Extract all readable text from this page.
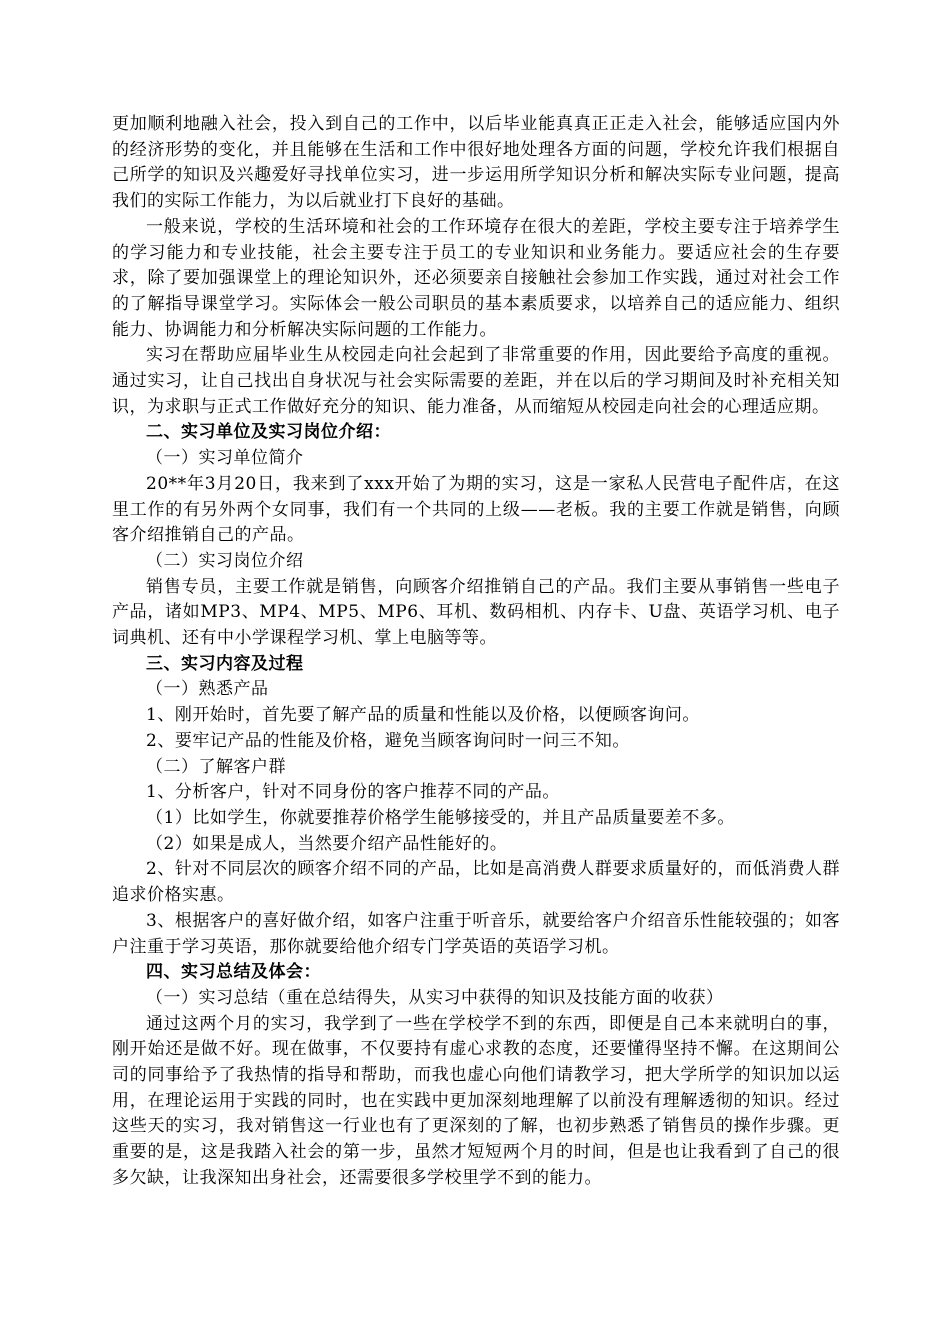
更加顺利地融入社会，投入到自己的工作中，以后毕业能真真正正走入社会，能够适应国内外的经济形势的变化，并且能够在生活和工作中很好地处理各方面的问题，学校允许我们根据自己所学的知识及兴趣爱好寻找单位实习，进一步运用所学知识分析和解决实际专业问题，提高我们的实际工作能力，为以后就业打下良好的基础。

一般来说，学校的生活环境和社会的工作环境存在很大的差距，学校主要专注于培养学生的学习能力和专业技能，社会主要专注于员工的专业知识和业务能力。要适应社会的生存要求，除了要加强课堂上的理论知识外，还必须要亲自接触社会参加工作实践，通过对社会工作的了解指导课堂学习。实际体会一般公司职员的基本素质要求，以培养自己的适应能力、组织能力、协调能力和分析解决实际问题的工作能力。

实习在帮助应届毕业生从校园走向社会起到了非常重要的作用，因此要给予高度的重视。通过实习，让自己找出自身状况与社会实际需要的差距，并在以后的学习期间及时补充相关知识，为求职与正式工作做好充分的知识、能力准备，从而缩短从校园走向社会的心理适应期。

二、实习单位及实习岗位介绍：

（一）实习单位简介

20**年3月20日，我来到了xxx开始了为期的实习，这是一家私人民营电子配件店，在这里工作的有另外两个女同事，我们有一个共同的上级——老板。我的主要工作就是销售，向顾客介绍推销自己的产品。

（二）实习岗位介绍

销售专员，主要工作就是销售，向顾客介绍推销自己的产品。我们主要从事销售一些电子产品，诸如MP3、MP4、MP5、MP6、耳机、数码相机、内存卡、U盘、英语学习机、电子词典机、还有中小学课程学习机、掌上电脑等等。

三、实习内容及过程

（一）熟悉产品

1、刚开始时，首先要了解产品的质量和性能以及价格，以便顾客询问。

2、要牢记产品的性能及价格，避免当顾客询问时一问三不知。

（二）了解客户群

1、分析客户，针对不同身份的客户推荐不同的产品。

（1）比如学生，你就要推荐价格学生能够接受的，并且产品质量要差不多。

（2）如果是成人，当然要介绍产品性能好的。

2、针对不同层次的顾客介绍不同的产品，比如是高消费人群要求质量好的，而低消费人群追求价格实惠。

3、根据客户的喜好做介绍，如客户注重于听音乐，就要给客户介绍音乐性能较强的；如客户注重于学习英语，那你就要给他介绍专门学英语的英语学习机。

四、实习总结及体会：

（一）实习总结（重在总结得失，从实习中获得的知识及技能方面的收获）

通过这两个月的实习，我学到了一些在学校学不到的东西，即便是自己本来就明白的事，刚开始还是做不好。现在做事，不仅要持有虚心求教的态度，还要懂得坚持不懈。在这期间公司的同事给予了我热情的指导和帮助，而我也虚心向他们请教学习，把大学所学的知识加以运用，在理论运用于实践的同时，也在实践中更加深刻地理解了以前没有理解透彻的知识。经过这些天的实习，我对销售这一行业也有了更深刻的了解，也初步熟悉了销售员的操作步骤。更重要的是，这是我踏入社会的第一步，虽然才短短两个月的时间，但是也让我看到了自己的很多欠缺，让我深知出身社会，还需要很多学校里学不到的能力。
